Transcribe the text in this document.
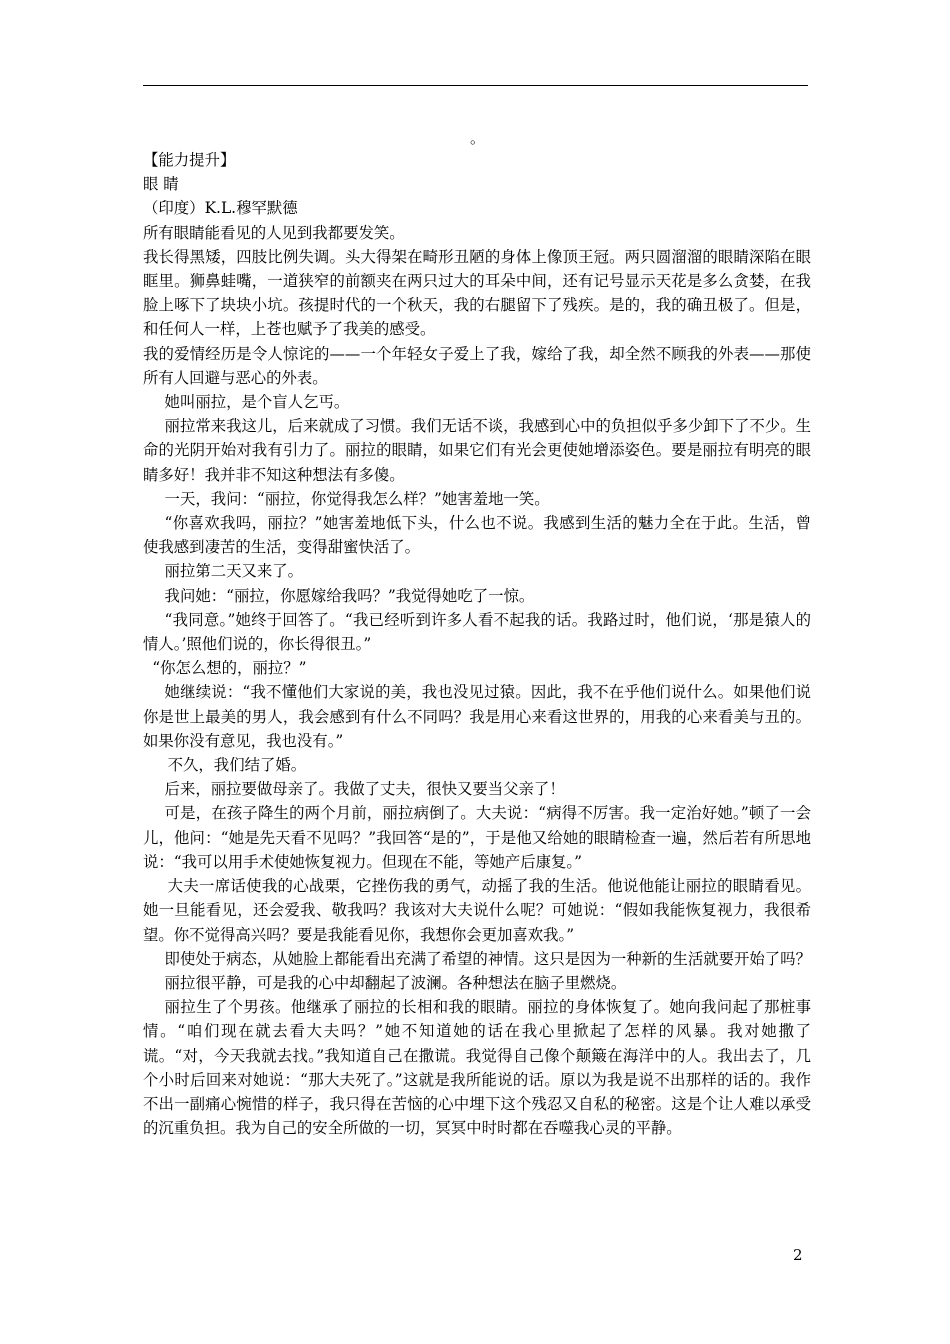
。

【能力提升】

眼 睛

（印度）K.L.穆罕默德

所有眼睛能看见的人见到我都要发笑。

我长得黑矮，四肢比例失调。头大得架在畸形丑陋的身体上像顶王冠。两只圆溜溜的眼睛深陷在眼眶里。狮鼻蛙嘴，一道狭窄的前额夹在两只过大的耳朵中间，还有记号显示天花是多么贪婪，在我脸上啄下了块块小坑。孩提时代的一个秋天，我的右腿留下了残疾。是的，我的确丑极了。但是，和任何人一样，上苍也赋予了我美的感受。

我的爱情经历是令人惊诧的——一个年轻女子爱上了我，嫁给了我，却全然不顾我的外表——那使所有人回避与恶心的外表。

她叫丽拉，是个盲人乞丐。

丽拉常来我这儿，后来就成了习惯。我们无话不谈，我感到心中的负担似乎多少卸下了不少。生命的光阴开始对我有引力了。丽拉的眼睛，如果它们有光会更使她增添姿色。要是丽拉有明亮的眼睛多好！我并非不知这种想法有多傻。

一天，我问：“丽拉，你觉得我怎么样？”她害羞地一笑。

“你喜欢我吗，丽拉？”她害羞地低下头，什么也不说。我感到生活的魅力全在于此。生活，曾使我感到凄苦的生活，变得甜蜜快活了。

丽拉第二天又来了。

我问她：“丽拉，你愿嫁给我吗？”我觉得她吃了一惊。

“我同意。”她终于回答了。“我已经听到许多人看不起我的话。我路过时，他们说，‘那是猿人的情人。’照他们说的，你长得很丑。”

“你怎么想的，丽拉？”

她继续说：“我不懂他们大家说的美，我也没见过猿。因此，我不在乎他们说什么。如果他们说你是世上最美的男人，我会感到有什么不同吗？我是用心来看这世界的，用我的心来看美与丑的。如果你没有意见，我也没有。”

不久，我们结了婚。

后来，丽拉要做母亲了。我做了丈夫，很快又要当父亲了！

可是，在孩子降生的两个月前，丽拉病倒了。大夫说：“病得不厉害。我一定治好她。”顿了一会儿，他问：“她是先天看不见吗？”我回答“是的”，于是他又给她的眼睛检查一遍，然后若有所思地说：“我可以用手术使她恢复视力。但现在不能，等她产后康复。”

大夫一席话使我的心战栗，它挫伤我的勇气，动摇了我的生活。他说他能让丽拉的眼睛看见。她一旦能看见，还会爱我、敬我吗？我该对大夫说什么呢？可她说：“假如我能恢复视力，我很希望。你不觉得高兴吗？要是我能看见你，我想你会更加喜欢我。”

即使处于病态，从她脸上都能看出充满了希望的神情。这只是因为一种新的生活就要开始了吗？

丽拉很平静，可是我的心中却翻起了波澜。各种想法在脑子里燃烧。

丽拉生了个男孩。他继承了丽拉的长相和我的眼睛。丽拉的身体恢复了。她向我问起了那桩事情。“咱们现在就去看大夫吗？”她不知道她的话在我心里掀起了怎样的风暴。我对她撒了谎。“对，今天我就去找。”我知道自己在撒谎。我觉得自己像个颠簸在海洋中的人。我出去了，几个小时后回来对她说：“那大夫死了。”这就是我所能说的话。原以为我是说不出那样的话的。我作不出一副痛心惋惜的样子，我只得在苦恼的心中埋下这个残忍又自私的秘密。这是个让人难以承受的沉重负担。我为自己的安全所做的一切，冥冥中时时都在吞噬我心灵的平静。

2
